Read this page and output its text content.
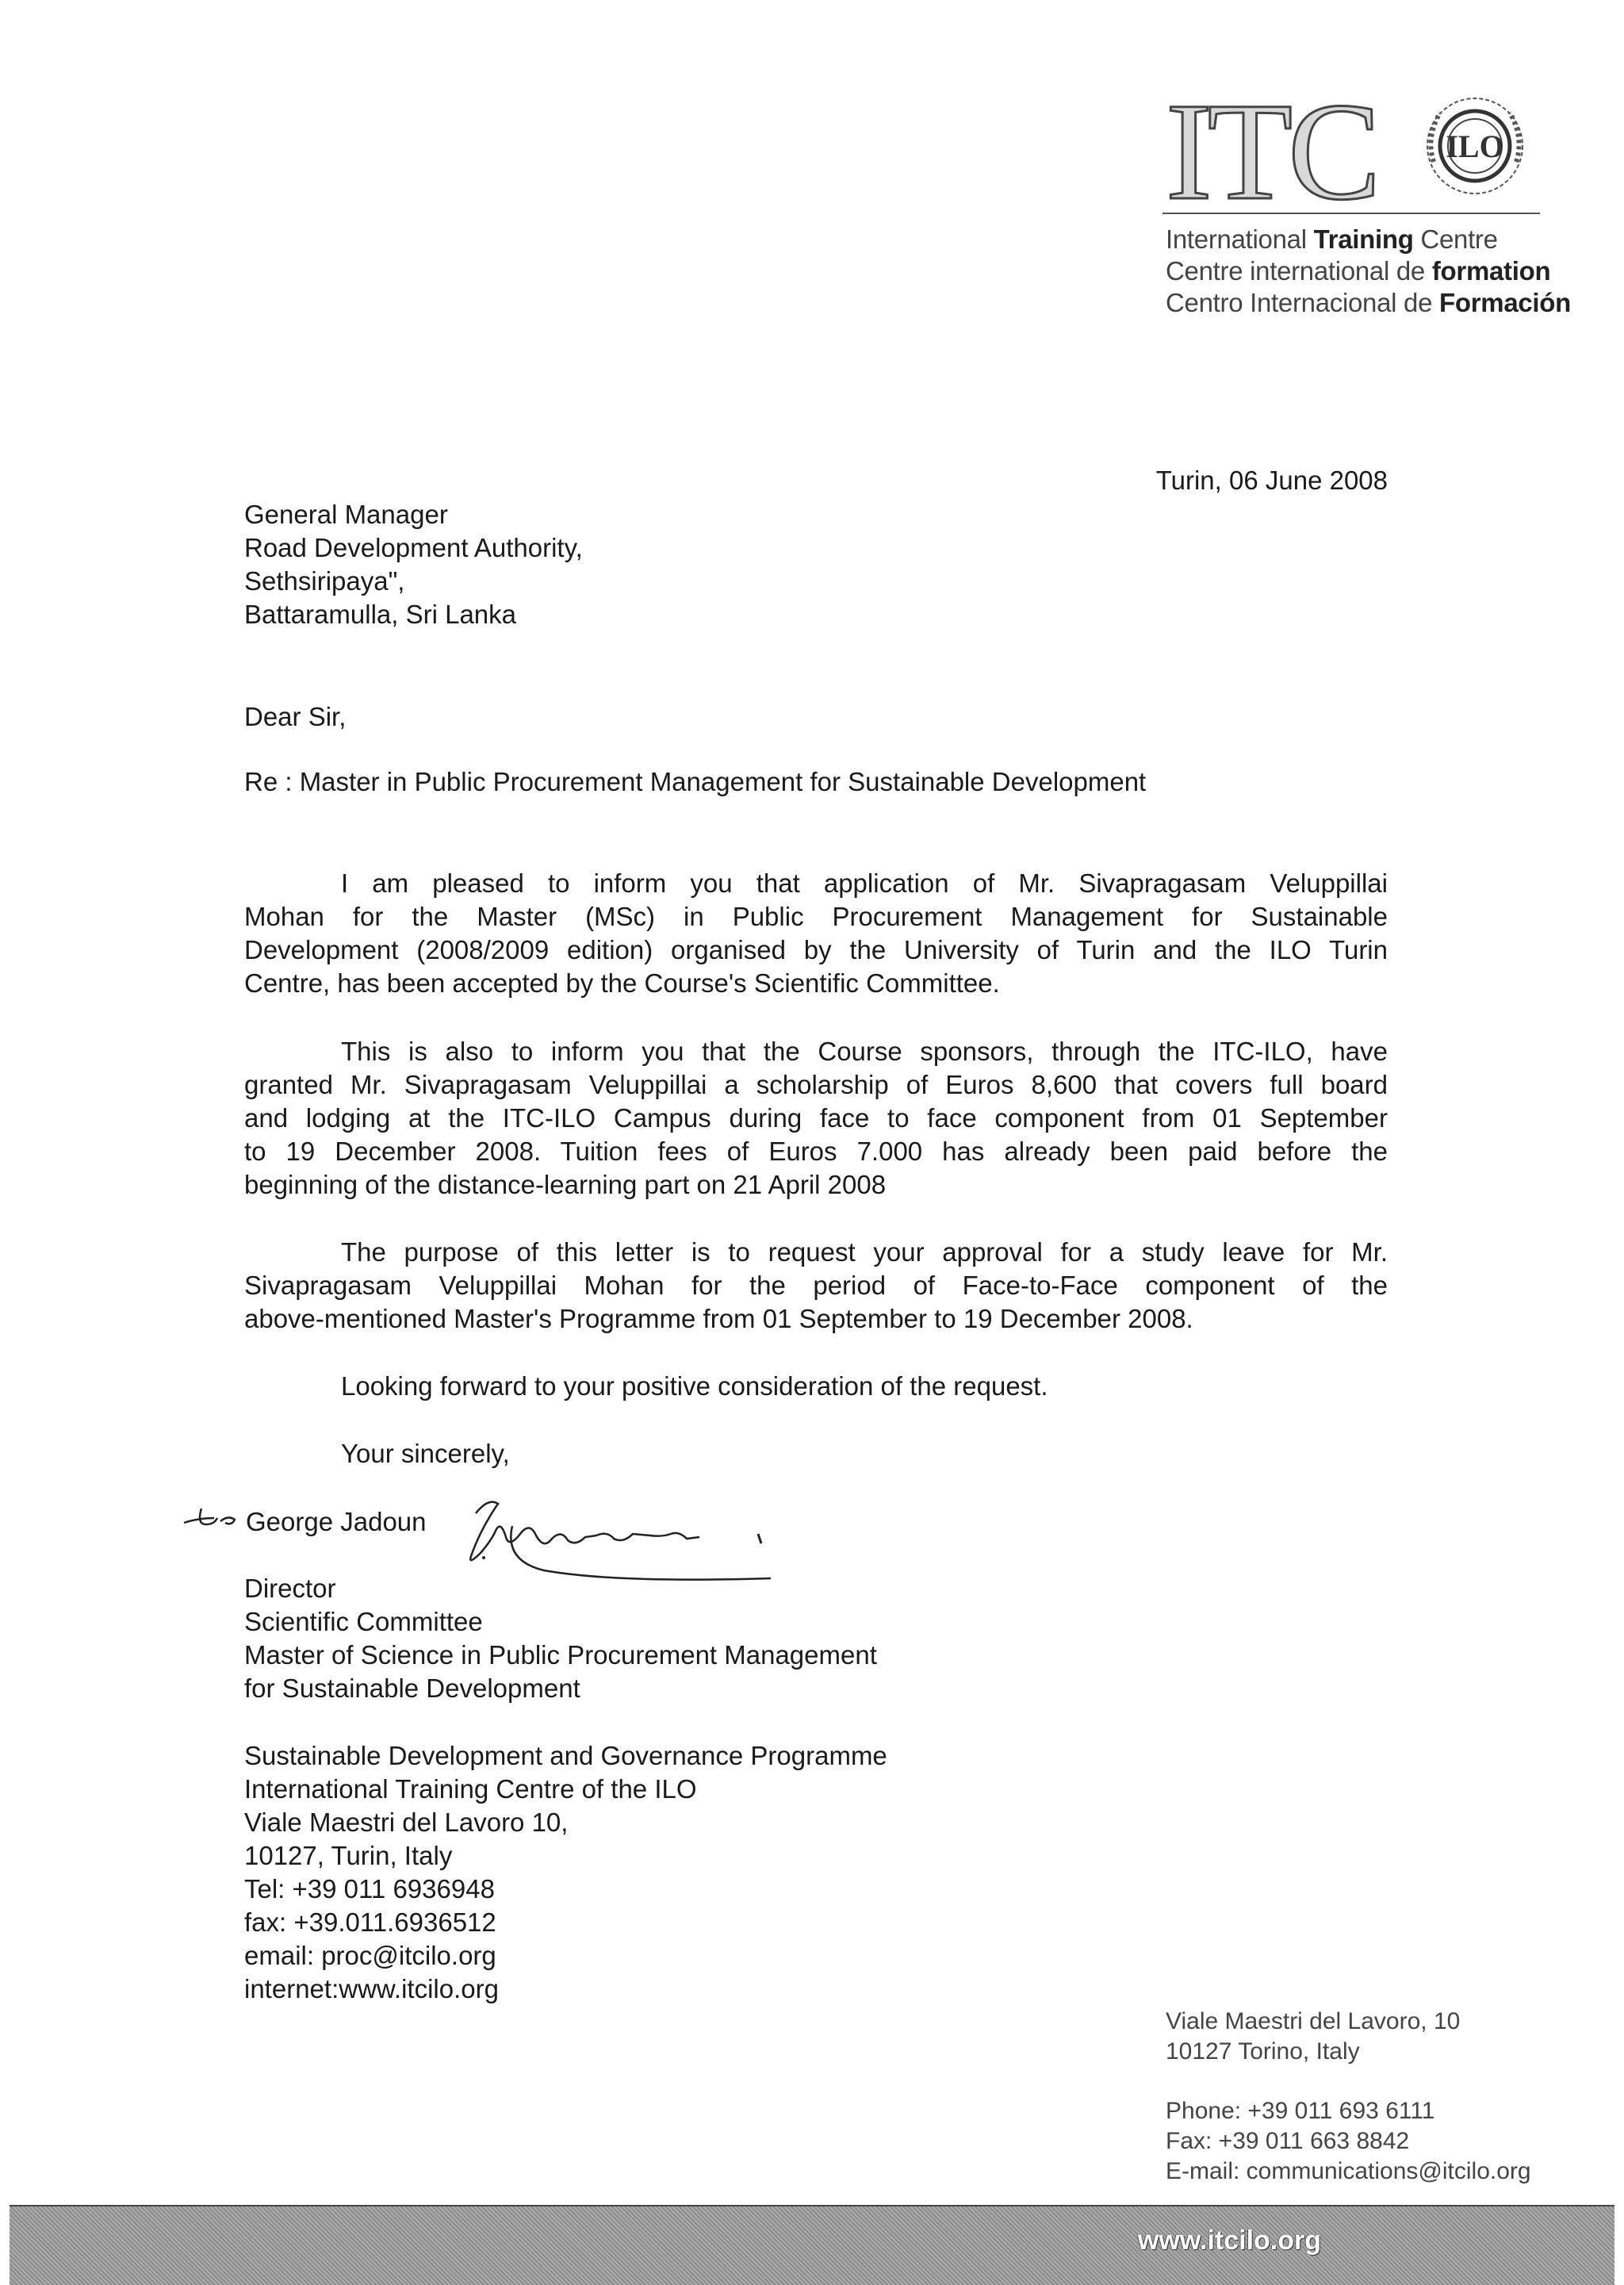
ITC ILO
International Training Centre
Centre international de formation
Centro Internacional de Formación
Turin, 06 June 2008
General Manager
Road Development Authority,
Sethsiripaya",
Battaramulla, Sri Lanka
Dear Sir,
Re : Master in Public Procurement Management for Sustainable Development
I am pleased to inform you that application of Mr. Sivapragasam Veluppillai
Mohan for the Master (MSc) in Public Procurement Management for Sustainable
Development (2008/2009 edition) organised by the University of Turin and the ILO Turin
Centre, has been accepted by the Course's Scientific Committee.
This is also to inform you that the Course sponsors, through the ITC-ILO, have
granted Mr. Sivapragasam Veluppillai a scholarship of Euros 8,600 that covers full board
and lodging at the ITC-ILO Campus during face to face component from 01 September
to 19 December 2008. Tuition fees of Euros 7.000 has already been paid before the
beginning of the distance-learning part on 21 April 2008
The purpose of this letter is to request your approval for a study leave for Mr.
Sivapragasam Veluppillai Mohan for the period of Face-to-Face component of the
above-mentioned Master's Programme from 01 September to 19 December 2008.
Looking forward to your positive consideration of the request.
Your sincerely,
George Jadoun
Director
Scientific Committee
Master of Science in Public Procurement Management
for Sustainable Development
Sustainable Development and Governance Programme
International Training Centre of the ILO
Viale Maestri del Lavoro 10,
10127, Turin, Italy
Tel: +39 011 6936948
fax: +39.011.6936512
email: proc@itcilo.org
internet:www.itcilo.org
Viale Maestri del Lavoro, 10
10127 Torino, Italy
Phone: +39 011 693 6111
Fax: +39 011 663 8842
E-mail: communications@itcilo.org
www.itcilo.org
